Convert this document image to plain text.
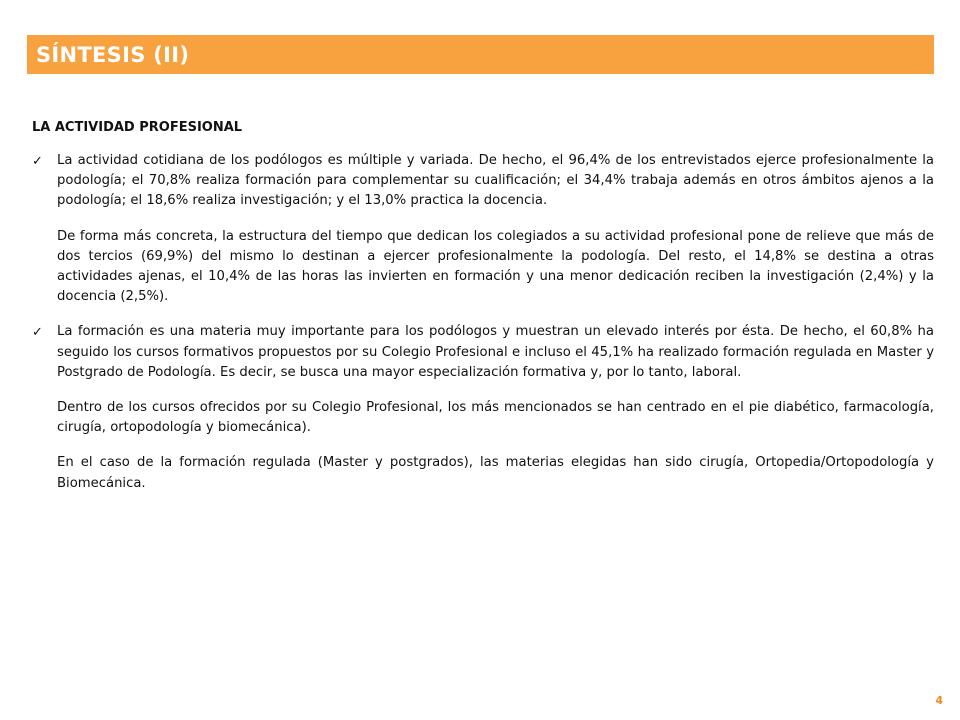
SÍNTESIS (II)
LA ACTIVIDAD PROFESIONAL
✓ La actividad cotidiana de los podólogos es múltiple y variada. De hecho, el 96,4% de los entrevistados ejerce profesionalmente la podología; el 70,8% realiza formación para complementar su cualificación; el 34,4% trabaja además en otros ámbitos ajenos a la podología; el 18,6% realiza investigación; y el 13,0% practica la docencia.

De forma más concreta, la estructura del tiempo que dedican los colegiados a su actividad profesional pone de relieve que más de dos tercios (69,9%) del mismo lo destinan a ejercer profesionalmente la podología. Del resto, el 14,8% se destina a otras actividades ajenas, el 10,4% de las horas las invierten en formación y una menor dedicación reciben la investigación (2,4%) y la docencia (2,5%).

✓ La formación es una materia muy importante para los podólogos y muestran un elevado interés por ésta. De hecho, el 60,8% ha seguido los cursos formativos propuestos por su Colegio Profesional e incluso el 45,1% ha realizado formación regulada en Master y Postgrado de Podología. Es decir, se busca una mayor especialización formativa y, por lo tanto, laboral.

Dentro de los cursos ofrecidos por su Colegio Profesional, los más mencionados se han centrado en el pie diabético, farmacología, cirugía, ortopodología y biomecánica).

En el caso de la formación regulada (Master y postgrados), las materias elegidas han sido cirugía, Ortopedia/Ortopodología y Biomecánica.

4
